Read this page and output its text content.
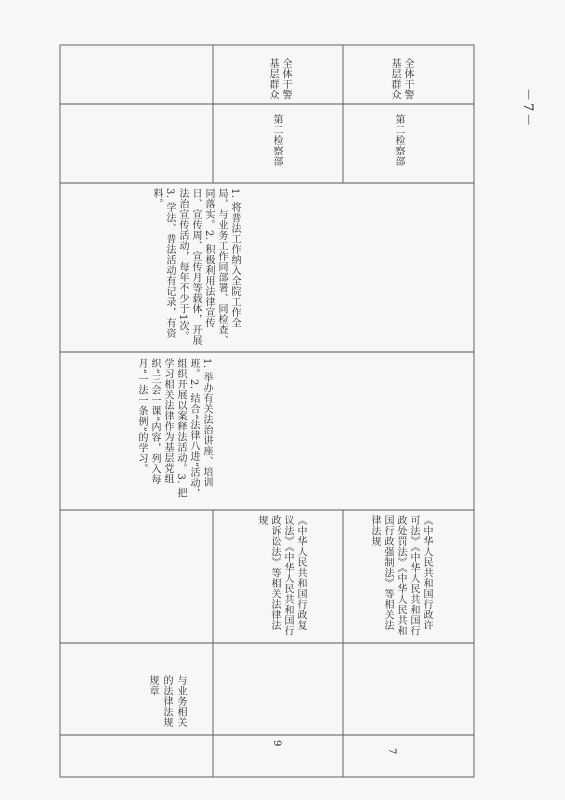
9
与业务相关的法律法规规章
《中华人民共和国行政复议法》《中华人民共和国行政诉讼法》等相关法律法规
1. 举办有关法治讲座、培训班。2. 结合“法律八进”活动，组织开展以案释法活动。3. 把学习相关法律作为基层党组织“三会一课”内容，列入每月“一法一条例”的学习。
1. 将普法工作纳入全院工作全局，与业务工作同部署、同检查、同落实。2. 积极利用法律宣传日、宣传周、宣传月等载体，开展法治宣传活动，每年不少于1次。3. 学法、普法活动有记录，有资料。
第二检察部
全体干警基层群众
7
《中华人民共和国行政许可法》《中华人民共和国行政处罚法》《中华人民共和国行政强制法》等相关法律法规
第二检察部
全体干警基层群众
－7－
